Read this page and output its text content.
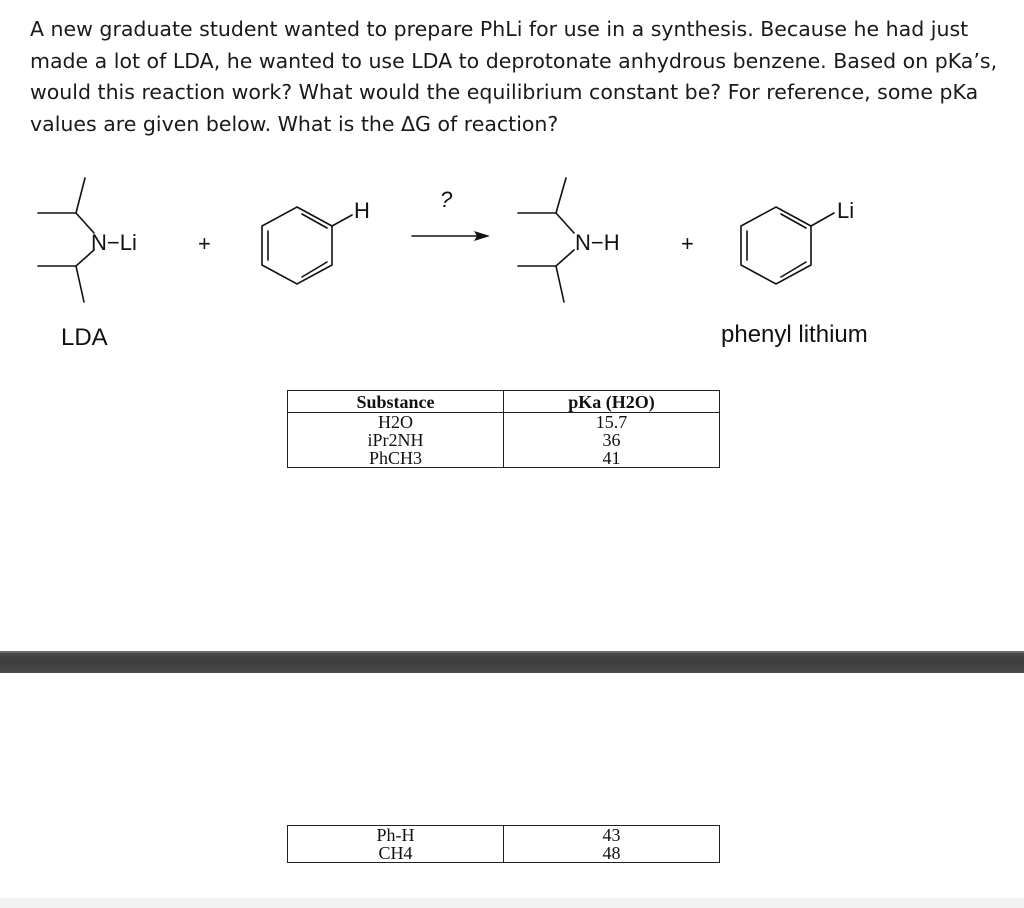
A new graduate student wanted to prepare PhLi for use in a synthesis. Because he had just made a lot of LDA, he wanted to use LDA to deprotonate anhydrous benzene. Based on pKa’s, would this reaction work? What would the equilibrium constant be? For reference, some pKa values are given below. What is the ΔG of reaction?

N−Li	+
H	?
N−H	+
Li
LDA	phenyl lithium
Substance	pKa (H2O)
H2O	15.7
iPr2NH	36
PhCH3	41
Ph-H	43
CH4	48
